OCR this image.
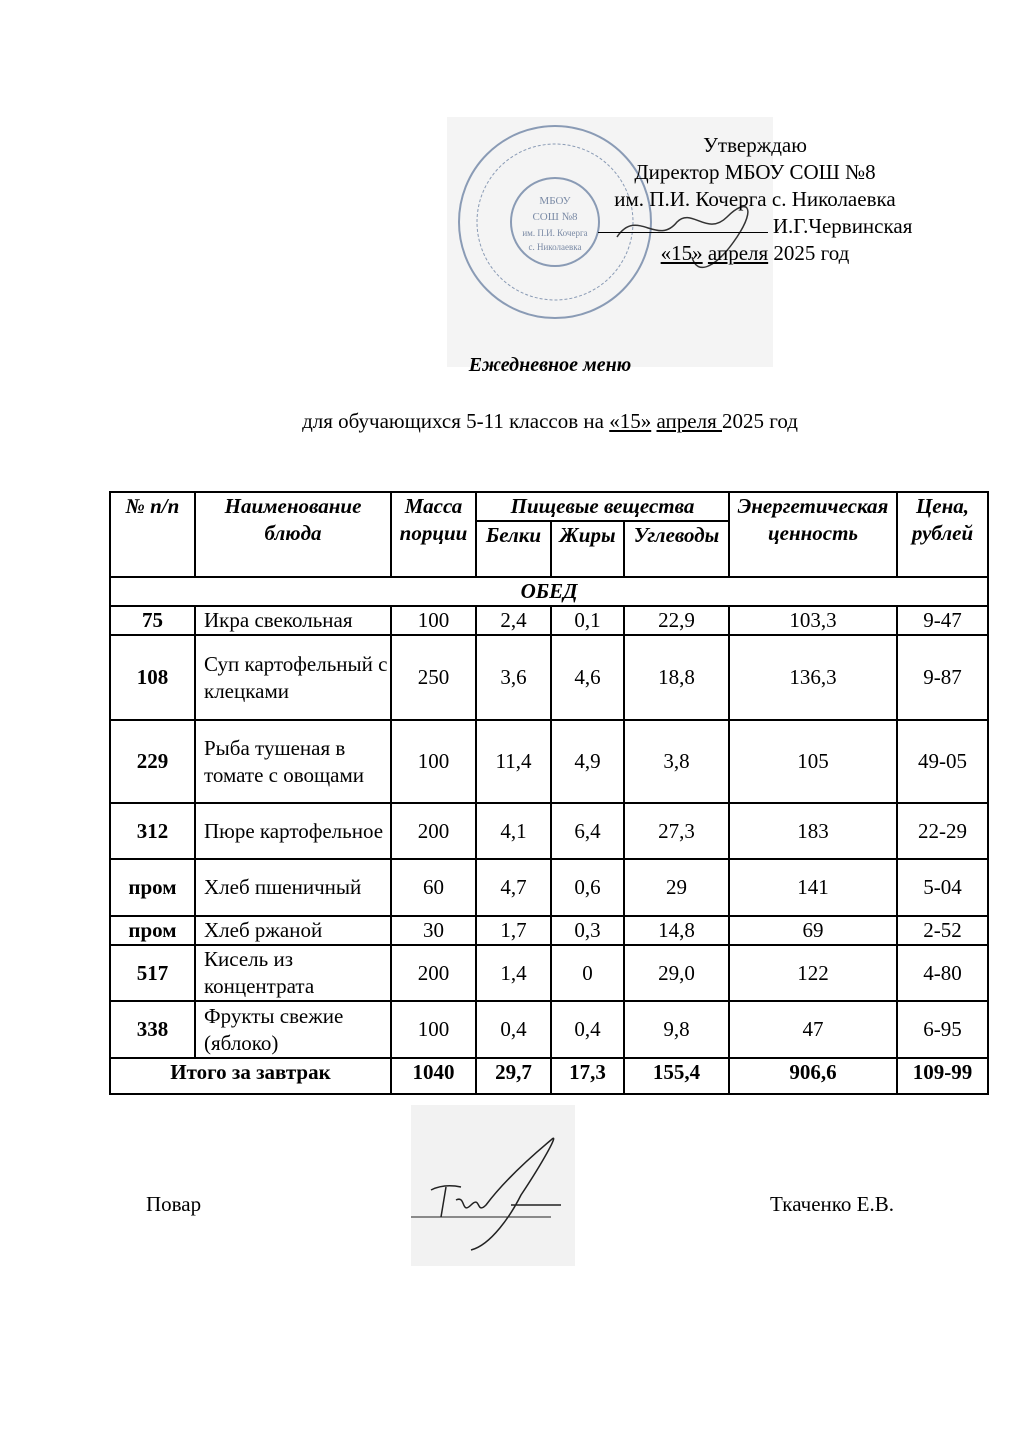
МБОУ
СОШ №8
им. П.И. Кочерга
с. Николаевка
Утверждаю
Директор МБОУ СОШ №8
им. П.И. Кочерга с. Николаевка
И.Г.Червинская
«15» апреля 2025 год
Ежедневное меню
для обучающихся 5-11 классов на «15» апреля 2025 год
№ п/п	Наименование блюда	Масса порции	Пищевые вещества			Энергетическая ценность	Цена, рублей
			Белки	Жиры	Углеводы		
ОБЕД							
75	Икра свекольная	100	2,4	0,1	22,9	103,3	9-47
108	Суп картофельный с клецками	250	3,6	4,6	18,8	136,3	9-87
229	Рыба тушеная в томате с овощами	100	11,4	4,9	3,8	105	49-05
312	Пюре картофельное	200	4,1	6,4	27,3	183	22-29
пром	Хлеб пшеничный	60	4,7	0,6	29	141	5-04
пром	Хлеб ржаной	30	1,7	0,3	14,8	69	2-52
517	Кисель из концентрата	200	1,4	0	29,0	122	4-80
338	Фрукты свежие (яблоко)	100	0,4	0,4	9,8	47	6-95
Итого за завтрак		1040	29,7	17,3	155,4	906,6	109-99
Повар	Ткаченко Е.В.
